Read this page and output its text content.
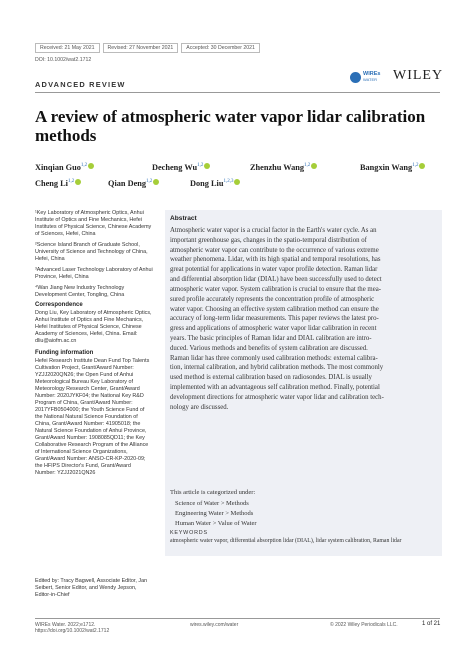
Received: 21 May 2021	Revised: 27 November 2021	Accepted: 30 December 2021
DOI: 10.1002/wat2.1712
WIREs
WATER WILEY
ADVANCED REVIEW
A review of atmospheric water vapor lidar calibration methods
Xinqian Guo$^{1,2}$	Decheng Wu$^{1,2}$	Zhenzhu Wang$^{1,2}$	Bangxin Wang$^{1,2}$
Cheng Li$^{1,2}$	Qian Deng$^{1,2}$	Dong Liu$^{1,2,3}$

¹Key Laboratory of Atmospheric Optics, Anhui Institute of Optics and Fine Mechanics, Hefei Institutes of Physical Science, Chinese Academy of Sciences, Hefei, China

²Science Island Branch of Graduate School, University of Science and Technology of China, Hefei, China

³Advanced Laser Technology Laboratory of Anhui Province, Hefei, China

⁴Wan Jiang New Industry Technology Development Center, Tongling, China

Correspondence
Dong Liu, Key Laboratory of Atmospheric Optics, Anhui Institute of Optics and Fine Mechanics, Hefei Institutes of Physical Science, Chinese Academy of Sciences, Hefei, China. Email: dliu@aiofm.ac.cn
Funding information
Hefei Research Institute Dean Fund Top Talents Cultivation Project, Grant/Award Number: YZJJ2020QN26; the Open Fund of Anhui Meteorological Bureau Key Laboratory of Meteorology Research Center, Grant/Award Number: 2020JYKF04; the National Key R&D Program of China, Grant/Award Number: 2017YFB0504000; the Youth Science Fund of the National Natural Science Foundation of China, Grant/Award Number: 41905018; the Natural Science Foundation of Anhui Province, Grant/Award Number: 1908085QD11; the Key Collaborative Research Program of the Alliance of International Science Organizations, Grant/Award Number: ANSO-CR-KP-2020-09; the HFIPS Director's Fund, Grant/Award Number: YZJJ2021QN26
Edited by: Tracy Bagwell, Associate Editor, Jan Seibert, Senior Editor, and Wendy Jepson, Editor-in-Chief
Abstract
Atmospheric water vapor is a crucial factor in the Earth's water cycle. As an
important greenhouse gas, changes in the spatio-temporal distribution of
atmospheric water vapor can contribute to the occurrence of various extreme
weather phenomena. Lidar, with its high spatial and temporal resolutions, has
great potential for applications in water vapor profile detection. Raman lidar
and differential absorption lidar (DIAL) have been successfully used to detect
atmospheric water vapor. System calibration is crucial to ensure that the mea-
sured profile accurately represents the concentration profile of atmospheric
water vapor. Choosing an effective system calibration method can ensure the
accuracy of long-term lidar measurements. This paper reviews the latest pro-
gress and applications of atmospheric water vapor lidar calibration in recent
years. The basic principles of Raman lidar and DIAL calibration are intro-
duced. Various methods and benefits of system calibration are discussed.
Raman lidar has three commonly used calibration methods: external calibra-
tion, internal calibration, and hybrid calibration methods. The most commonly
used method is external calibration based on radiosondes. DIAL is usually
implemented with an advantageous self calibration method. Finally, potential
development directions for atmospheric water vapor lidar and calibration tech-
nology are discussed.
This article is categorized under:
Science of Water > Methods
Engineering Water > Methods
Human Water > Value of Water
KEYWORDS
atmospheric water vapor, differential absorption lidar (DIAL), lidar system calibration, Raman lidar
WIREs Water. 2022;e1712.	wires.wiley.com/water	© 2022 Wiley Periodicals LLC.	1 of 21
https://doi.org/10.1002/wat2.1712
